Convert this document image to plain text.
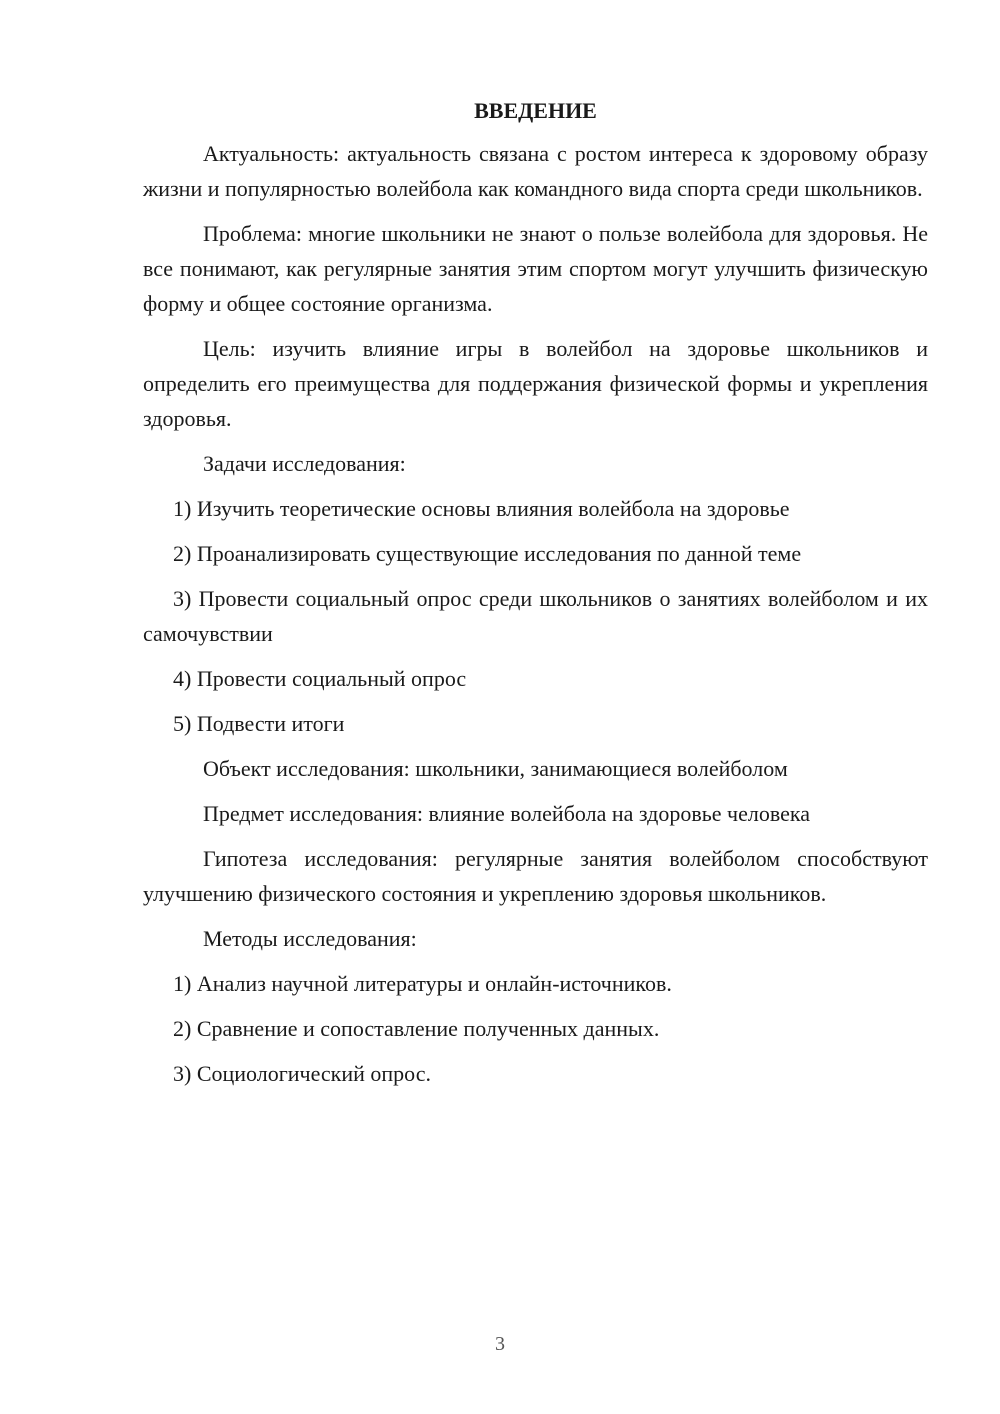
ВВЕДЕНИЕ

Актуальность: актуальность связана с ростом интереса к здоровому образу жизни и популярностью волейбола как командного вида спорта среди школьников.

Проблема: многие школьники не знают о пользе волейбола для здоровья. Не все понимают, как регулярные занятия этим спортом могут улучшить физическую форму и общее состояние организма.

Цель: изучить влияние игры в волейбол на здоровье школьников и определить его преимущества для поддержания физической формы и укрепления здоровья.

Задачи исследования:

1) Изучить теоретические основы влияния волейбола на здоровье

2) Проанализировать существующие исследования по данной теме

3) Провести социальный опрос среди школьников о занятиях волейболом и их самочувствии

4) Провести социальный опрос

5) Подвести итоги

Объект исследования: школьники, занимающиеся волейболом

Предмет исследования: влияние волейбола на здоровье человека

Гипотеза исследования: регулярные занятия волейболом способствуют улучшению физического состояния и укреплению здоровья школьников.

Методы исследования:

1) Анализ научной литературы и онлайн-источников.

2) Сравнение и сопоставление полученных данных.

3) Социологический опрос.

3
